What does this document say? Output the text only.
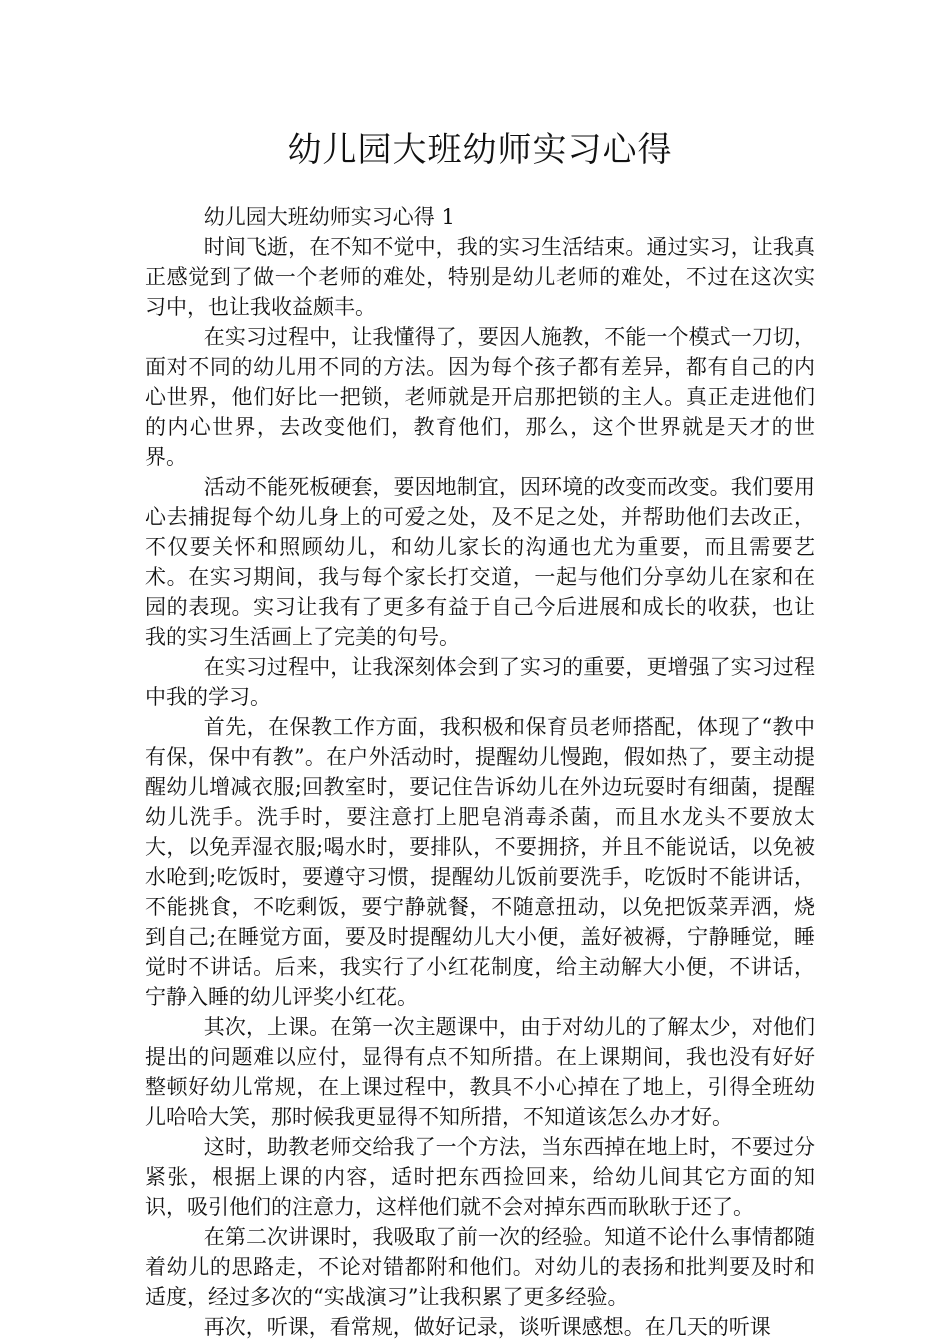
幼儿园大班幼师实习心得

幼儿园大班幼师实习心得 1

时间飞逝，在不知不觉中，我的实习生活结束。通过实习，让我真正感觉到了做一个老师的难处，特别是幼儿老师的难处，不过在这次实习中，也让我收益颇丰。

在实习过程中，让我懂得了，要因人施教，不能一个模式一刀切，面对不同的幼儿用不同的方法。因为每个孩子都有差异，都有自己的内心世界，他们好比一把锁，老师就是开启那把锁的主人。真正走进他们的内心世界，去改变他们，教育他们，那么，这个世界就是天才的世界。

活动不能死板硬套，要因地制宜，因环境的改变而改变。我们要用心去捕捉每个幼儿身上的可爱之处，及不足之处，并帮助他们去改正，不仅要关怀和照顾幼儿，和幼儿家长的沟通也尤为重要，而且需要艺术。在实习期间，我与每个家长打交道，一起与他们分享幼儿在家和在园的表现。实习让我有了更多有益于自己今后进展和成长的收获，也让我的实习生活画上了完美的句号。

在实习过程中，让我深刻体会到了实习的重要，更增强了实习过程中我的学习。

首先，在保教工作方面，我积极和保育员老师搭配，体现了“教中有保，保中有教”。在户外活动时，提醒幼儿慢跑，假如热了，要主动提醒幼儿增减衣服;回教室时，要记住告诉幼儿在外边玩耍时有细菌，提醒幼儿洗手。洗手时，要注意打上肥皂消毒杀菌，而且水龙头不要放太大，以免弄湿衣服;喝水时，要排队，不要拥挤，并且不能说话，以免被水呛到;吃饭时，要遵守习惯，提醒幼儿饭前要洗手，吃饭时不能讲话，不能挑食，不吃剩饭，要宁静就餐，不随意扭动，以免把饭菜弄洒，烧到自己;在睡觉方面，要及时提醒幼儿大小便，盖好被褥，宁静睡觉，睡觉时不讲话。后来，我实行了小红花制度，给主动解大小便，不讲话，宁静入睡的幼儿评奖小红花。

其次，上课。在第一次主题课中，由于对幼儿的了解太少，对他们提出的问题难以应付，显得有点不知所措。在上课期间，我也没有好好整顿好幼儿常规，在上课过程中，教具不小心掉在了地上，引得全班幼儿哈哈大笑，那时候我更显得不知所措，不知道该怎么办才好。

这时，助教老师交给我了一个方法，当东西掉在地上时，不要过分紧张，根据上课的内容，适时把东西捡回来，给幼儿间其它方面的知识，吸引他们的注意力，这样他们就不会对掉东西而耿耿于还了。

在第二次讲课时，我吸取了前一次的经验。知道不论什么事情都随着幼儿的思路走，不论对错都附和他们。对幼儿的表扬和批判要及时和适度，经过多次的“实战演习”让我积累了更多经验。

再次，听课，看常规，做好记录，谈听课感想。在几天的听课
